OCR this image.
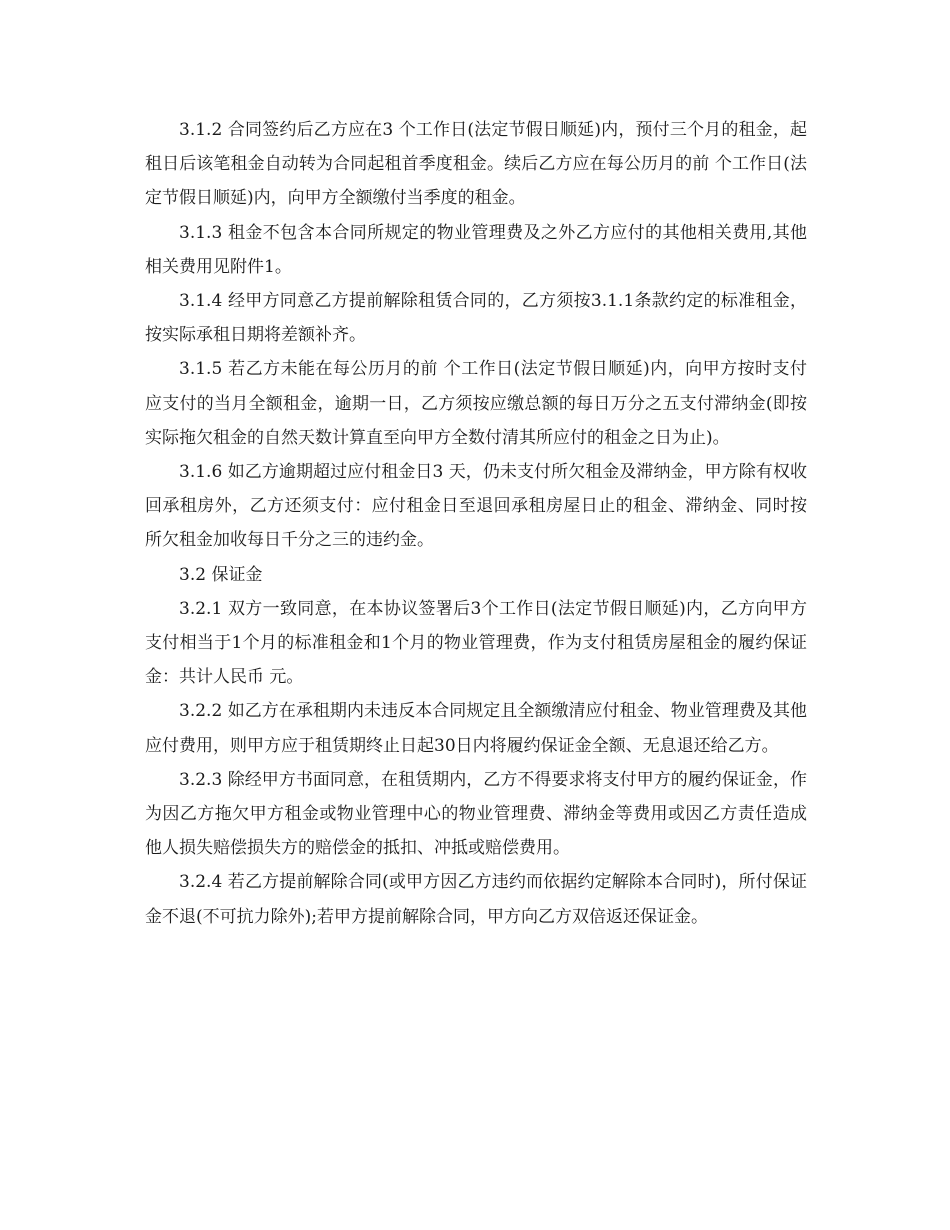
3.1.2 合同签约后乙方应在3 个工作日(法定节假日顺延)内，预付三个月的租金，起租日后该笔租金自动转为合同起租首季度租金。续后乙方应在每公历月的前 个工作日(法定节假日顺延)内，向甲方全额缴付当季度的租金。

3.1.3 租金不包含本合同所规定的物业管理费及之外乙方应付的其他相关费用,其他相关费用见附件1。

3.1.4 经甲方同意乙方提前解除租赁合同的，乙方须按3.1.1条款约定的标准租金，按实际承租日期将差额补齐。

3.1.5 若乙方未能在每公历月的前 个工作日(法定节假日顺延)内，向甲方按时支付应支付的当月全额租金，逾期一日，乙方须按应缴总额的每日万分之五支付滞纳金(即按实际拖欠租金的自然天数计算直至向甲方全数付清其所应付的租金之日为止)。

3.1.6 如乙方逾期超过应付租金日3 天，仍未支付所欠租金及滞纳金，甲方除有权收回承租房外，乙方还须支付：应付租金日至退回承租房屋日止的租金、滞纳金、同时按所欠租金加收每日千分之三的违约金。

3.2 保证金

3.2.1 双方一致同意，在本协议签署后3个工作日(法定节假日顺延)内，乙方向甲方支付相当于1个月的标准租金和1个月的物业管理费，作为支付租赁房屋租金的履约保证金：共计人民币 元。

3.2.2 如乙方在承租期内未违反本合同规定且全额缴清应付租金、物业管理费及其他应付费用，则甲方应于租赁期终止日起30日内将履约保证金全额、无息退还给乙方。

3.2.3 除经甲方书面同意，在租赁期内，乙方不得要求将支付甲方的履约保证金，作为因乙方拖欠甲方租金或物业管理中心的物业管理费、滞纳金等费用或因乙方责任造成他人损失赔偿损失方的赔偿金的抵扣、冲抵或赔偿费用。

3.2.4 若乙方提前解除合同(或甲方因乙方违约而依据约定解除本合同时)，所付保证金不退(不可抗力除外);若甲方提前解除合同，甲方向乙方双倍返还保证金。
